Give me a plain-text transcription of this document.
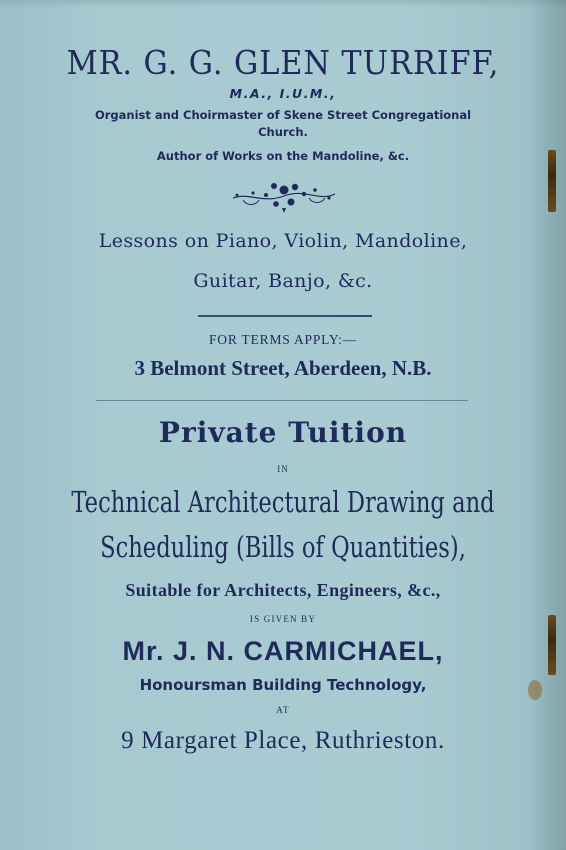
MR. G. G. GLEN TURRIFF,
M.A., I.U.M.,
Organist and Choirmaster of Skene Street Congregational
Church.
Author of Works on the Mandoline, &c.
Lessons on Piano, Violin, Mandoline,
Guitar, Banjo, &c.
FOR TERMS APPLY:—
3 Belmont Street, Aberdeen, N.B.
Private Tuition
IN
Technical Architectural Drawing and
Scheduling (Bills of Quantities),
Suitable for Architects, Engineers, &c.,
IS GIVEN BY
Mr. J. N. CARMICHAEL,
Honoursman Building Technology,
AT
9 Margaret Place, Ruthrieston.
